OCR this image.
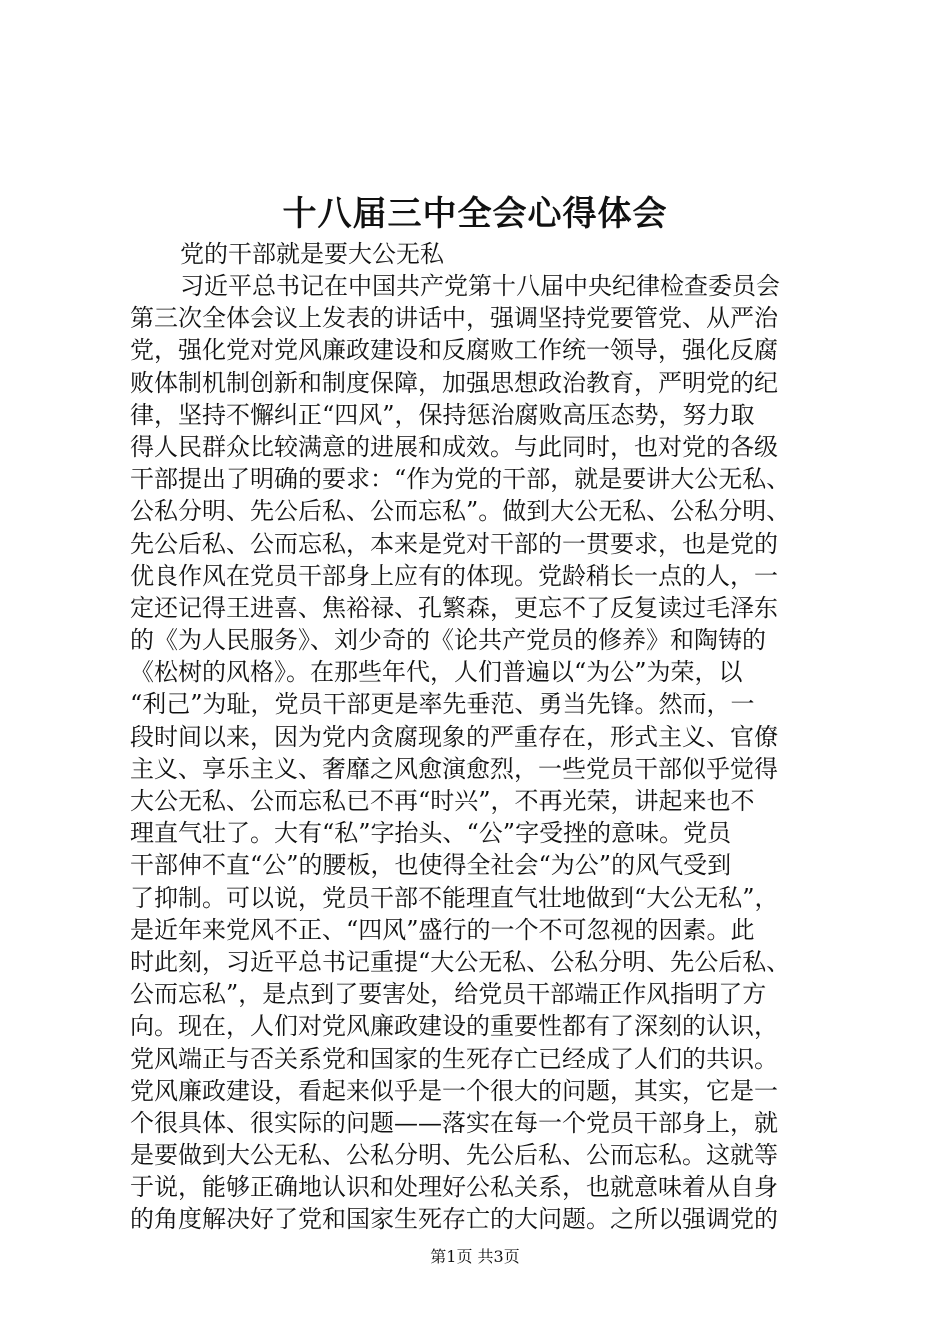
十八届三中全会心得体会

党的干部就是要大公无私

习近平总书记在中国共产党第十八届中央纪律检查委员会
第三次全体会议上发表的讲话中，强调坚持党要管党、从严治
党，强化党对党风廉政建设和反腐败工作统一领导，强化反腐
败体制机制创新和制度保障，加强思想政治教育，严明党的纪
律，坚持不懈纠正“四风”，保持惩治腐败高压态势，努力取
得人民群众比较满意的进展和成效。与此同时，也对党的各级
干部提出了明确的要求：“作为党的干部，就是要讲大公无私、
公私分明、先公后私、公而忘私”。做到大公无私、公私分明、
先公后私、公而忘私，本来是党对干部的一贯要求，也是党的
优良作风在党员干部身上应有的体现。党龄稍长一点的人，一
定还记得王进喜、焦裕禄、孔繁森，更忘不了反复读过毛泽东
的《为人民服务》、刘少奇的《论共产党员的修养》和陶铸的
《松树的风格》。在那些年代，人们普遍以“为公”为荣，以
“利己”为耻，党员干部更是率先垂范、勇当先锋。然而，一
段时间以来，因为党内贪腐现象的严重存在，形式主义、官僚
主义、享乐主义、奢靡之风愈演愈烈，一些党员干部似乎觉得
大公无私、公而忘私已不再“时兴”，不再光荣，讲起来也不
理直气壮了。大有“私”字抬头、“公”字受挫的意味。党员
干部伸不直“公”的腰板，也使得全社会“为公”的风气受到
了抑制。可以说，党员干部不能理直气壮地做到“大公无私”，
是近年来党风不正、“四风”盛行的一个不可忽视的因素。此
时此刻，习近平总书记重提“大公无私、公私分明、先公后私、
公而忘私”，是点到了要害处，给党员干部端正作风指明了方
向。现在，人们对党风廉政建设的重要性都有了深刻的认识，
党风端正与否关系党和国家的生死存亡已经成了人们的共识。
党风廉政建设，看起来似乎是一个很大的问题，其实，它是一
个很具体、很实际的问题——落实在每一个党员干部身上，就
是要做到大公无私、公私分明、先公后私、公而忘私。这就等
于说，能够正确地认识和处理好公私关系，也就意味着从自身
的角度解决好了党和国家生死存亡的大问题。之所以强调党的

第1页 共3页
